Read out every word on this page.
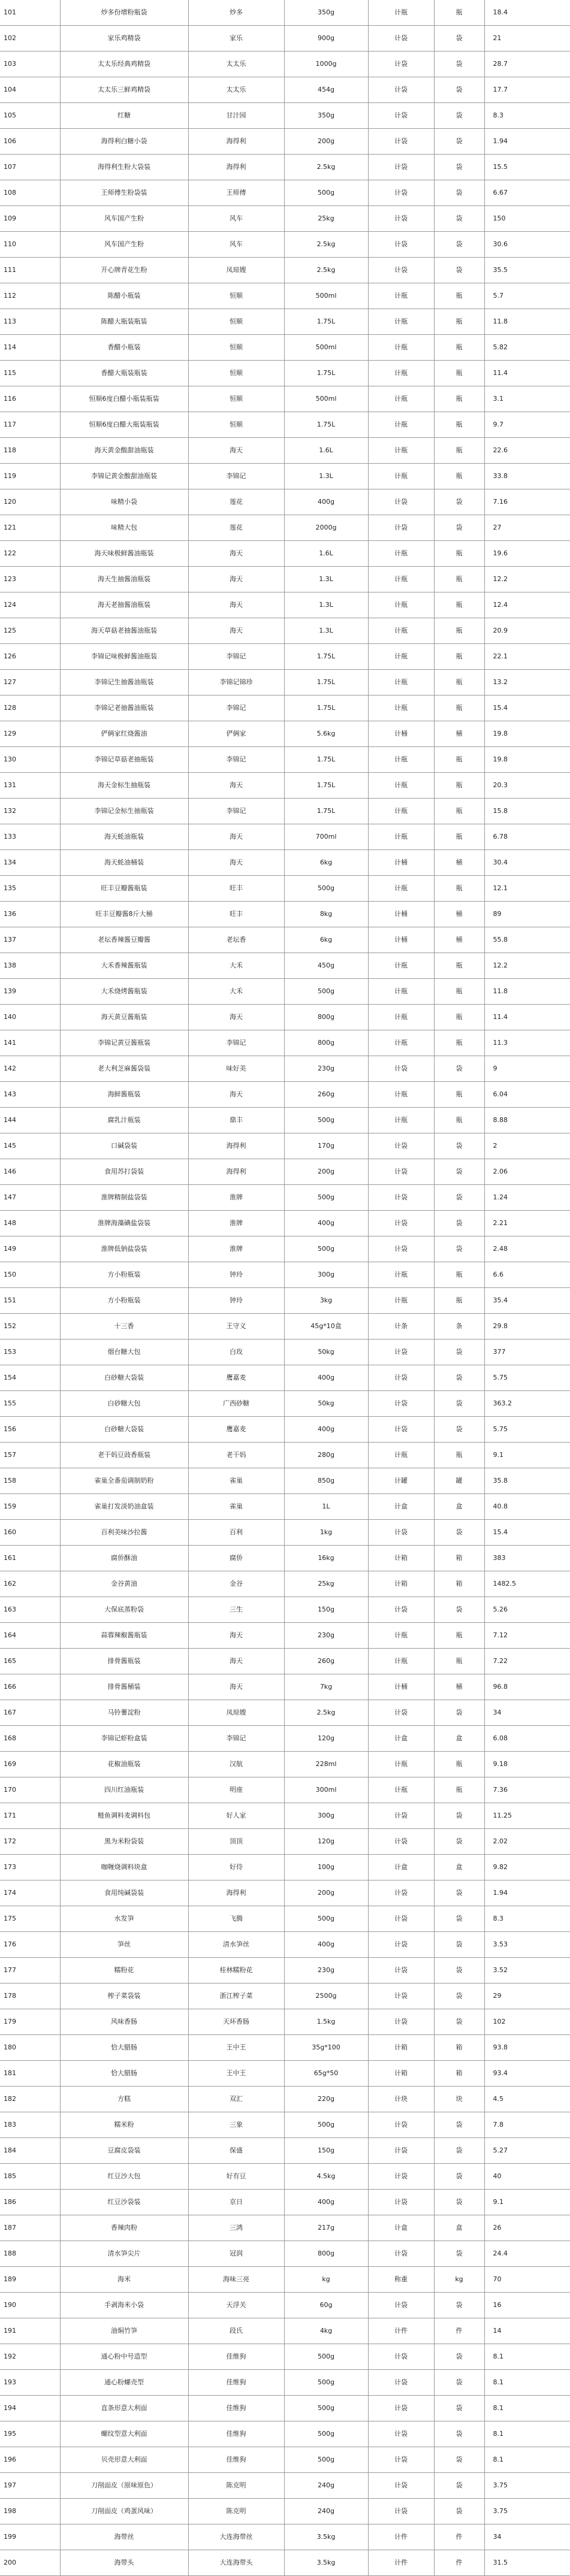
101	炒多份增粉瓶袋	炒多	350g	计瓶	瓶	18.4
102	家乐鸡精袋	家乐	900g	计袋	袋	21
103	太太乐经典鸡精袋	太太乐	1000g	计袋	袋	28.7
104	太太乐三鲜鸡精袋	太太乐	454g	计袋	袋	17.7
105	红糖	甘汁园	350g	计袋	袋	8.3
106	海得利白糖小袋	海得利	200g	计袋	袋	1.94
107	海得利生粉大袋装	海得利	2.5kg	计袋	袋	15.5
108	王师傅生粉袋装	王师傅	500g	计袋	袋	6.67
109	风车国产生粉	风车	25kg	计袋	袋	150
110	风车国产生粉	风车	2.5kg	计袋	袋	30.6
111	开心牌青花生粉	凤琼嫂	2.5kg	计袋	袋	35.5
112	陈醋小瓶装	恒顺	500ml	计瓶	瓶	5.7
113	陈醋大瓶装瓶装	恒顺	1.75L	计瓶	瓶	11.8
114	香醋小瓶装	恒顺	500ml	计瓶	瓶	5.82
115	香醋大瓶装瓶装	恒顺	1.75L	计瓶	瓶	11.4
116	恒顺6度白醋小瓶装瓶装	恒顺	500ml	计瓶	瓶	3.1
117	恒顺6度白醋大瓶装瓶装	恒顺	1.75L	计瓶	瓶	9.7
118	海天黄金酸甜油瓶装	海天	1.6L	计瓶	瓶	22.6
119	李锦记黄金酸甜油瓶装	李锦记	1.3L	计瓶	瓶	33.8
120	味精小袋	莲花	400g	计袋	袋	7.16
121	味精大包	莲花	2000g	计袋	袋	27
122	海天味极鲜酱油瓶装	海天	1.6L	计瓶	瓶	19.6
123	海天生抽酱油瓶装	海天	1.3L	计瓶	瓶	12.2
124	海天老抽酱油瓶装	海天	1.3L	计瓶	瓶	12.4
125	海天草菇老抽酱油瓶装	海天	1.3L	计瓶	瓶	20.9
126	李锦记味极鲜酱油瓶装	李锦记	1.75L	计瓶	瓶	22.1
127	李锦记生抽酱油瓶装	李锦记锦珍	1.75L	计瓶	瓶	13.2
128	李锦记老抽酱油瓶装	李锦记	1.75L	计瓶	瓶	15.4
129	俨俩家红烧酱油	俨俩家	5.6kg	计桶	桶	19.8
130	李锦记草菇老抽瓶装	李锦记	1.75L	计瓶	瓶	19.8
131	海天金标生抽瓶装	海天	1.75L	计瓶	瓶	20.3
132	李锦记金标生抽瓶装	李锦记	1.75L	计瓶	瓶	15.8
133	海天蚝油瓶装	海天	700ml	计瓶	瓶	6.78
134	海天蚝油桶装	海天	6kg	计桶	桶	30.4
135	旺丰豆瓣酱瓶装	旺丰	500g	计瓶	瓶	12.1
136	旺丰豆瓣酱8斤大桶	旺丰	8kg	计桶	桶	89
137	老坛香辣酱豆瓣酱	老坛香	6kg	计桶	桶	55.8
138	大禾香辣酱瓶装	大禾	450g	计瓶	瓶	12.2
139	大禾烧烤酱瓶装	大禾	500g	计瓶	瓶	11.8
140	海天黄豆酱瓶装	海天	800g	计瓶	瓶	11.4
141	李锦记黄豆酱瓶装	李锦记	800g	计瓶	瓶	11.3
142	老大利芝麻酱袋装	味好美	230g	计袋	袋	9
143	海鲜酱瓶装	海天	260g	计瓶	瓶	6.04
144	腐乳汁瓶装	鼎丰	500g	计瓶	瓶	8.88
145	口碱袋装	海得利	170g	计袋	袋	2
146	食用苏打袋装	海得利	200g	计袋	袋	2.06
147	淮牌精制盐袋装	淮牌	500g	计袋	袋	1.24
148	淮牌海藻碘盐袋装	淮牌	400g	计袋	袋	2.21
149	淮牌低钠盐袋装	淮牌	500g	计袋	袋	2.48
150	方小粉瓶装	钟玲	300g	计瓶	瓶	6.6
151	方小粉瓶装	钟玲	3kg	计瓶	瓶	35.4
152	十三香	王守义	45g*10盒	计条	条	29.8
153	烟台糖大包	白玫	50kg	计袋	袋	377
154	白砂糖大袋装	鹰嘉麦	400g	计袋	袋	5.75
155	白砂糖大包	广西砂糖	50kg	计袋	袋	363.2
156	白砂糖大袋装	鹰嘉麦	400g	计袋	袋	5.75
157	老干妈豆豉香瓶装	老干妈	280g	计瓶	瓶	9.1
158	雀巢全番茄调制奶粉	雀巢	850g	计罐	罐	35.8
159	雀巢打发淡奶油盒装	雀巢	1L	计盒	盒	40.8
160	百利美味沙拉酱	百利	1kg	计袋	袋	15.4
161	腐侨酥油	腐侨	16kg	计箱	箱	383
162	金谷黄油	金谷	25kg	计箱	箱	1482.5
163	大保底蒸粉袋	三生	150g	计袋	袋	5.26
164	蒜蓉辣椒酱瓶装	海天	230g	计瓶	瓶	7.12
165	排骨酱瓶装	海天	260g	计瓶	瓶	7.22
166	排骨酱桶装	海天	7kg	计桶	桶	96.8
167	马铃薯淀粉	凤琼嫂	2.5kg	计袋	袋	34
168	李锦记虾粉盒装	李锦记	120g	计盒	盒	6.08
169	花椒油瓶装	汉航	228ml	计瓶	瓶	9.18
170	四川红油瓶装	明座	300ml	计瓶	瓶	7.36
171	鲢鱼调料麦调料包	好人家	300g	计袋	袋	11.25
172	黑为米粉袋装	顶顶	120g	计袋	袋	2.02
173	咖喱烧调料块盒	好侍	100g	计盒	盒	9.82
174	食用纯碱袋装	海得利	200g	计袋	袋	1.94
175	水发笋	飞腾	500g	计袋	袋	8.3
176	笋丝	清水笋丝	400g	计袋	袋	3.53
177	糯粉花	桂林糯粉花	230g	计袋	袋	3.52
178	榨子菜袋装	浙江榨子菜	2500g	计袋	袋	29
179	风味香肠	天环香肠	1.5kg	计袋	袋	102
180	恰大腊肠	王中王	35g*100	计箱	箱	93.8
181	恰大腊肠	王中王	65g*50	计箱	箱	93.4
182	方糕	双汇	220g	计块	块	4.5
183	糯米粉	三象	500g	计袋	袋	7.8
184	豆腐皮袋装	保盛	150g	计袋	袋	5.27
185	红豆沙大包	好有豆	4.5kg	计袋	袋	40
186	红豆沙袋装	京日	400g	计袋	袋	9.1
187	香辣肉粉	三鸿	217g	计盒	盒	26
188	清水笋尖片	冠润	800g	计袋	袋	24.4
189	海米	海味三亮	kg	称重	kg	70
190	手剥海米小袋	天浮关	60g	计袋	袋	16
191	油焖竹笋	段氏	4kg	计件	件	14
192	通心粉中号造型	佳维狗	500g	计袋	袋	8.1
193	通心粉螺壳型	佳维狗	500g	计袋	袋	8.1
194	直条形意大利面	佳维狗	500g	计袋	袋	8.1
195	螺纹型意大利面	佳维狗	500g	计袋	袋	8.1
196	贝壳形意大利面	佳维狗	500g	计袋	袋	8.1
197	刀削面皮（原味原色）	陈克明	240g	计袋	袋	3.75
198	刀削面皮（鸡蛋风味）	陈克明	240g	计袋	袋	3.75
199	海带丝	大连海带丝	3.5kg	计件	件	34
200	海带头	大连海带头	3.5kg	计件	件	31.5
